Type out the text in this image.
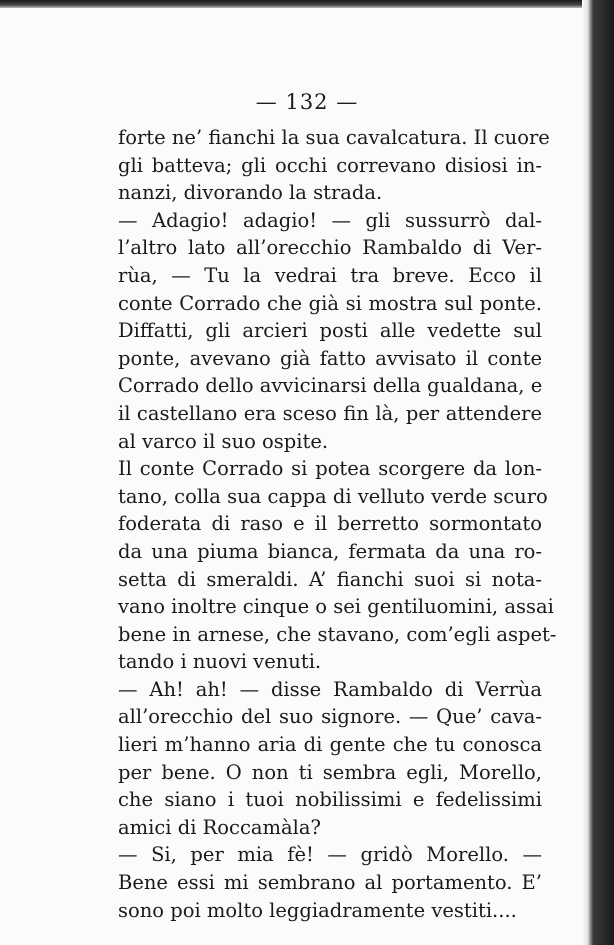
— 132 —
forte ne’ fianchi la sua cavalcatura. Il cuore
gli batteva; gli occhi correvano disiosi in-
nanzi, divorando la strada.
— Adagio! adagio! — gli sussurrò dal-
l’altro lato all’orecchio Rambaldo di Ver-
rùa, — Tu la vedrai tra breve. Ecco il
conte Corrado che già si mostra sul ponte.
Diffatti, gli arcieri posti alle vedette sul
ponte, avevano già fatto avvisato il conte
Corrado dello avvicinarsi della gualdana, e
il castellano era sceso fin là, per attendere
al varco il suo ospite.
Il conte Corrado si potea scorgere da lon-
tano, colla sua cappa di velluto verde scuro
foderata di raso e il berretto sormontato
da una piuma bianca, fermata da una ro-
setta di smeraldi. A’ fianchi suoi si nota-
vano inoltre cinque o sei gentiluomini, assai
bene in arnese, che stavano, com’egli aspet-
tando i nuovi venuti.
— Ah! ah! — disse Rambaldo di Verrùa
all’orecchio del suo signore. — Que’ cava-
lieri m’hanno aria di gente che tu conosca
per bene. O non ti sembra egli, Morello,
che siano i tuoi nobilissimi e fedelissimi
amici di Roccamàla?
— Si, per mia fè! — gridò Morello. —
Bene essi mi sembrano al portamento. E’
sono poi molto leggiadramente vestiti....
